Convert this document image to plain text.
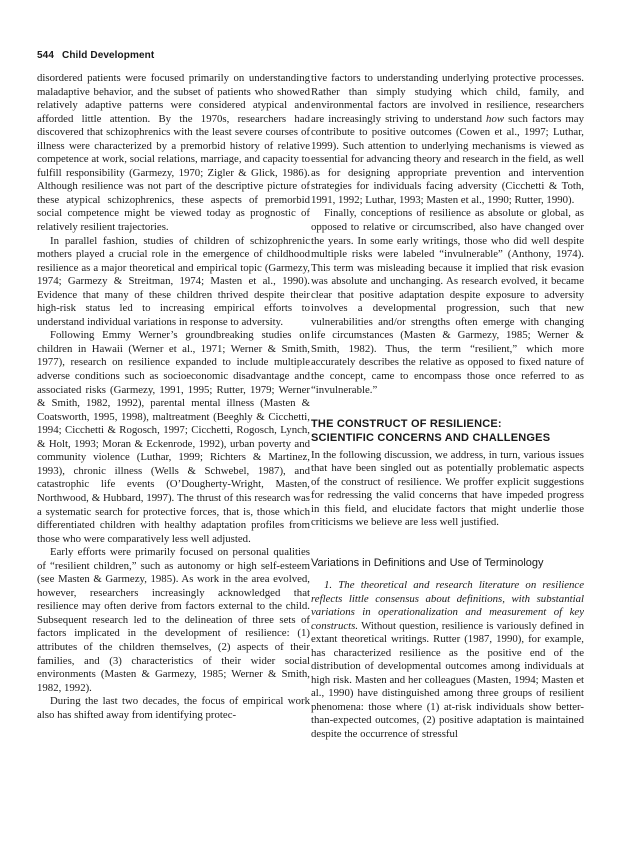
544 Child Development

disordered patients were focused primarily on understanding maladaptive behavior, and the subset of patients who showed relatively adaptive patterns were considered atypical and afforded little attention. By the 1970s, researchers had discovered that schizophrenics with the least severe courses of illness were characterized by a premorbid history of relative competence at work, social relations, marriage, and capacity to fulfill responsibility (Garmezy, 1970; Zigler & Glick, 1986). Although resilience was not part of the descriptive picture of these atypical schizophrenics, these aspects of premorbid social competence might be viewed today as prognostic of relatively resilient trajectories.

In parallel fashion, studies of children of schizophrenic mothers played a crucial role in the emergence of childhood resilience as a major theoretical and empirical topic (Garmezy, 1974; Garmezy & Streitman, 1974; Masten et al., 1990). Evidence that many of these children thrived despite their high-risk status led to increasing empirical efforts to understand individual variations in response to adversity.

Following Emmy Werner’s groundbreaking studies on children in Hawaii (Werner et al., 1971; Werner & Smith, 1977), research on resilience expanded to include multiple adverse conditions such as socioeconomic disadvantage and associated risks (Garmezy, 1991, 1995; Rutter, 1979; Werner & Smith, 1982, 1992), parental mental illness (Masten & Coatsworth, 1995, 1998), maltreatment (Beeghly & Cicchetti, 1994; Cicchetti & Rogosch, 1997; Cicchetti, Rogosch, Lynch, & Holt, 1993; Moran & Eckenrode, 1992), urban poverty and community violence (Luthar, 1999; Richters & Martinez, 1993), chronic illness (Wells & Schwebel, 1987), and catastrophic life events (O’Dougherty-Wright, Masten, Northwood, & Hubbard, 1997). The thrust of this research was a systematic search for protective forces, that is, those which differentiated children with healthy adaptation profiles from those who were comparatively less well adjusted.

Early efforts were primarily focused on personal qualities of “resilient children,” such as autonomy or high self-esteem (see Masten & Garmezy, 1985). As work in the area evolved, however, researchers increasingly acknowledged that resilience may often derive from factors external to the child. Subsequent research led to the delineation of three sets of factors implicated in the development of resilience: (1) attributes of the children themselves, (2) aspects of their families, and (3) characteristics of their wider social environments (Masten & Garmezy, 1985; Werner & Smith, 1982, 1992).

During the last two decades, the focus of empirical work also has shifted away from identifying protec-

tive factors to understanding underlying protective processes. Rather than simply studying which child, family, and environmental factors are involved in resilience, researchers are increasingly striving to understand how such factors may contribute to positive outcomes (Cowen et al., 1997; Luthar, 1999). Such attention to underlying mechanisms is viewed as essential for advancing theory and research in the field, as well as for designing appropriate prevention and intervention strategies for individuals facing adversity (Cicchetti & Toth, 1991, 1992; Luthar, 1993; Masten et al., 1990; Rutter, 1990).

Finally, conceptions of resilience as absolute or global, as opposed to relative or circumscribed, also have changed over the years. In some early writings, those who did well despite multiple risks were labeled “invulnerable” (Anthony, 1974). This term was misleading because it implied that risk evasion was absolute and unchanging. As research evolved, it became clear that positive adaptation despite exposure to adversity involves a developmental progression, such that new vulnerabilities and/or strengths often emerge with changing life circumstances (Masten & Garmezy, 1985; Werner & Smith, 1982). Thus, the term “resilient,” which more accurately describes the relative as opposed to fixed nature of the concept, came to encompass those once referred to as “invulnerable.”

THE CONSTRUCT OF RESILIENCE:
SCIENTIFIC CONCERNS AND CHALLENGES

In the following discussion, we address, in turn, various issues that have been singled out as potentially problematic aspects of the construct of resilience. We proffer explicit suggestions for redressing the valid concerns that have impeded progress in this field, and elucidate factors that might underlie those criticisms we believe are less well justified.

Variations in Definitions and Use of Terminology

1. The theoretical and research literature on resilience reflects little consensus about definitions, with substantial variations in operationalization and measurement of key constructs. Without question, resilience is variously defined in extant theoretical writings. Rutter (1987, 1990), for example, has characterized resilience as the positive end of the distribution of developmental outcomes among individuals at high risk. Masten and her colleagues (Masten, 1994; Masten et al., 1990) have distinguished among three groups of resilient phenomena: those where (1) at-risk individuals show better-than-expected outcomes, (2) positive adaptation is maintained despite the occurrence of stressful
